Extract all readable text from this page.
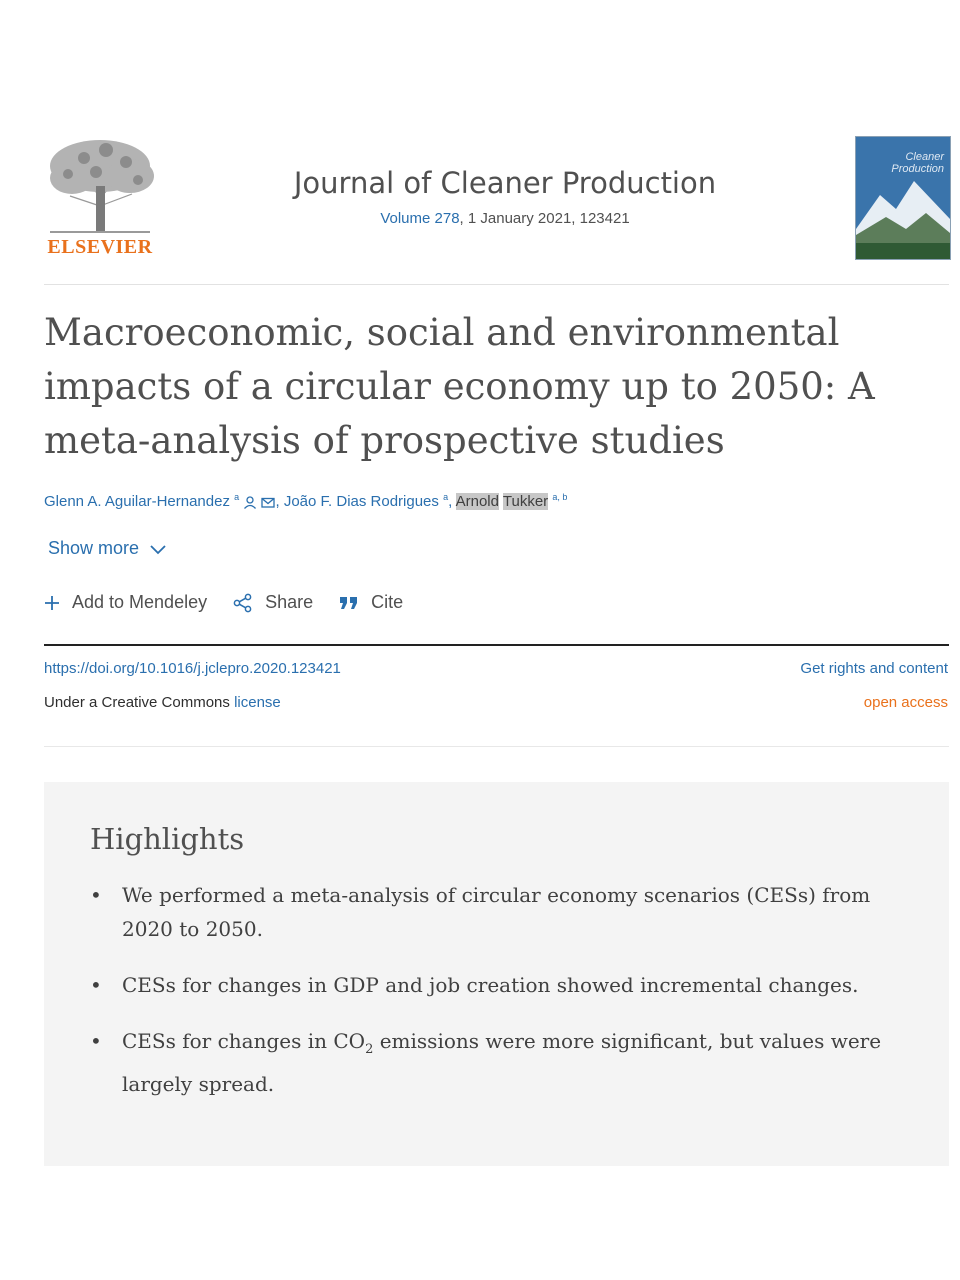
ELSEVIER
Journal of Cleaner Production
Volume 278, 1 January 2021, 123421
Cleaner Production
Macroeconomic, social and environmental impacts of a circular economy up to 2050: A meta-analysis of prospective studies
Glenn A. Aguilar-Hernandez $^a$ , João F. Dias Rodrigues $^a$, Arnold Tukker $^{a, b}$
Show more
Add to Mendeley	Share	Cite
https://doi.org/10.1016/j.jclepro.2020.123421
Under a Creative Commons license
Get rights and content
open access
Highlights
• We performed a meta-analysis of circular economy scenarios (CESs) from 2020 to 2050.
• CESs for changes in GDP and job creation showed incremental changes.
• CESs for changes in $CO_2$ emissions were more significant, but values were largely spread.
